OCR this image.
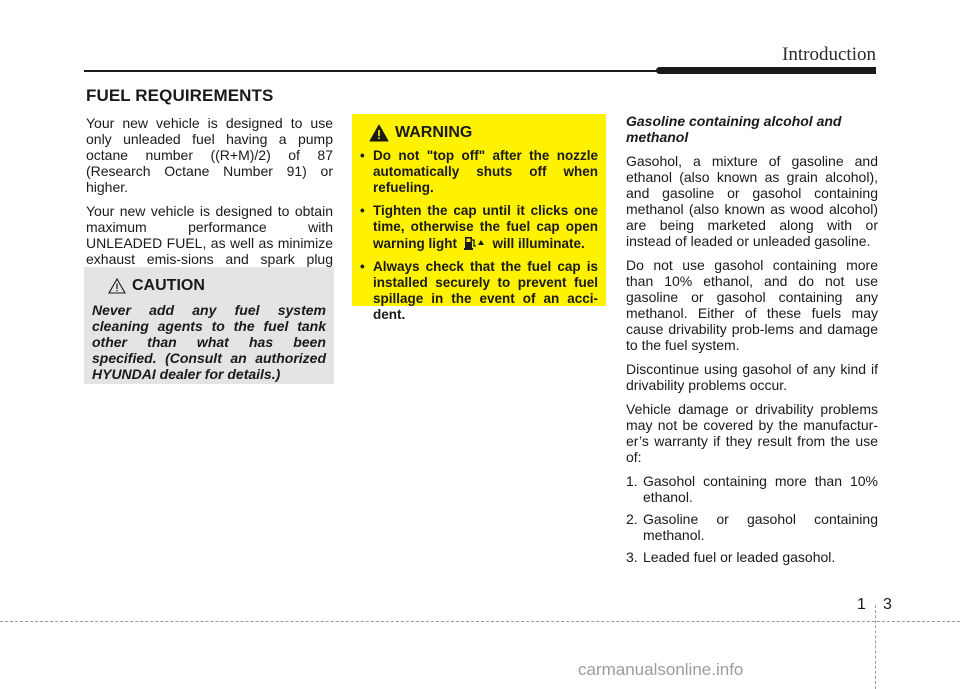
Introduction
FUEL REQUIREMENTS

Your new vehicle is designed to use only unleaded fuel having a pump octane number ((R+M)/2) of 87 (Research Octane Number 91) or higher.

Your new vehicle is designed to obtain maximum performance with UNLEADED FUEL, as well as minimize exhaust emis-sions and spark plug

CAUTION

Never add any fuel system cleaning agents to the fuel tank other than what has been specified. (Consult an authorized HYUNDAI dealer for details.)

WARNING
• Do not "top off" after the nozzle automatically shuts off when refueling.
• Tighten the cap until it clicks one time, otherwise the fuel cap open warning light	will illuminate.
• Always check that the fuel cap is installed securely to prevent fuel spillage in the event of an acci-dent.
Gasoline containing alcohol and methanol

Gasohol, a mixture of gasoline and ethanol (also known as grain alcohol), and gasoline or gasohol containing methanol (also known as wood alcohol) are being marketed along with or instead of leaded or unleaded gasoline.

Do not use gasohol containing more than 10% ethanol, and do not use gasoline or gasohol containing any methanol. Either of these fuels may cause drivability prob-lems and damage to the fuel system.

Discontinue using gasohol of any kind if drivability problems occur.

Vehicle damage or drivability problems may not be covered by the manufactur-er’s warranty if they result from the use of:

1. Gasohol containing more than 10% ethanol.
2. Gasoline or gasohol containing methanol.
3. Leaded fuel or leaded gasohol.
1 3
carmanualsonline.info
